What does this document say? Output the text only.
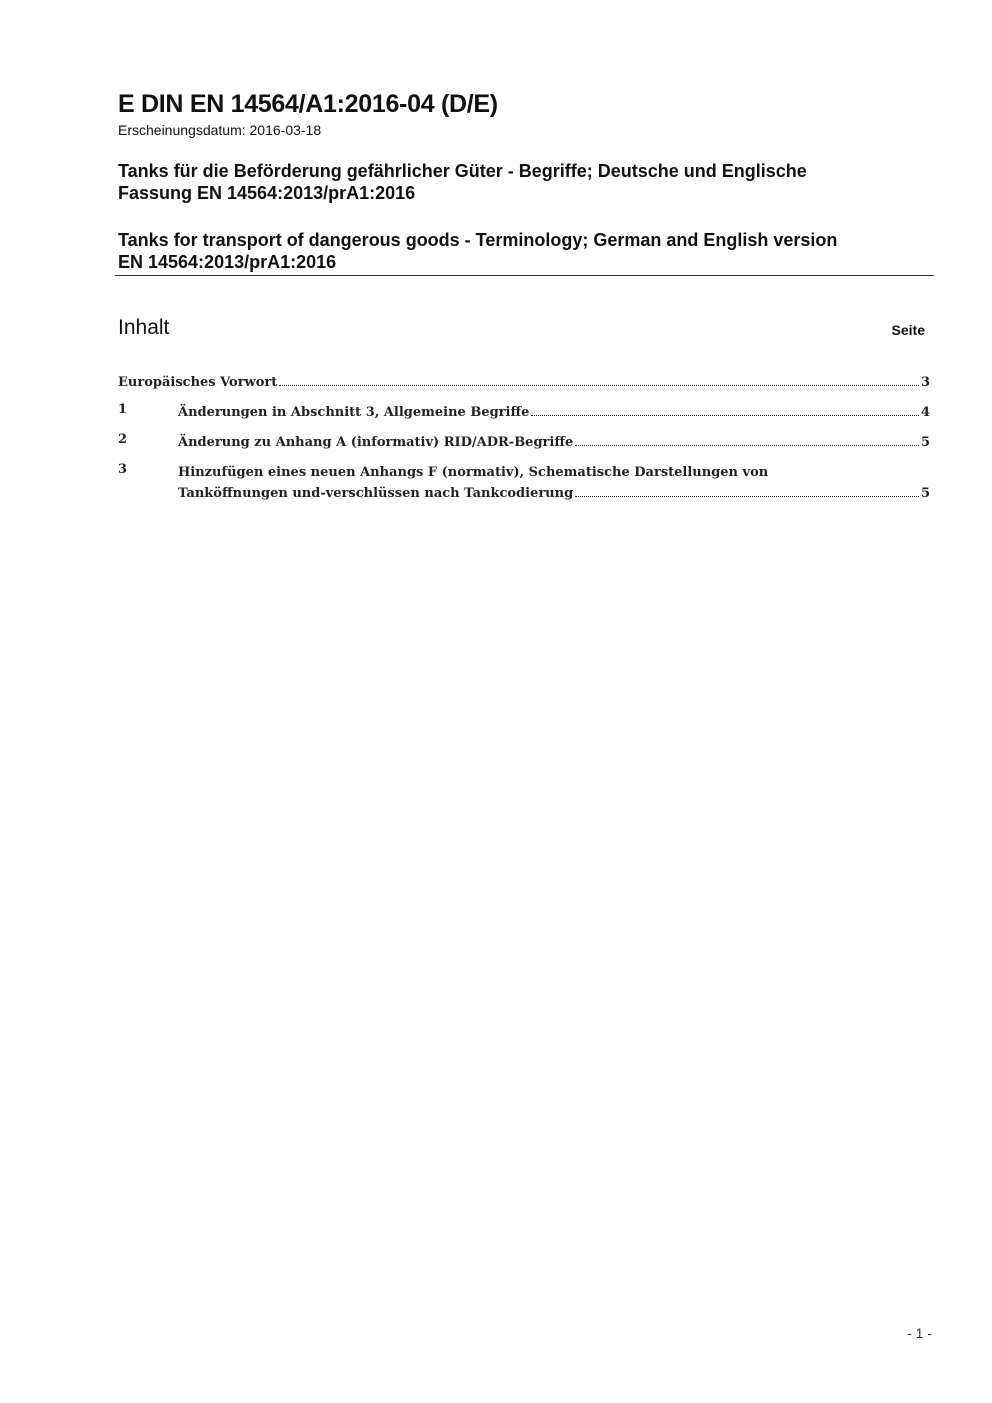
E DIN EN 14564/A1:2016-04 (D/E)
Erscheinungsdatum: 2016-03-18
Tanks für die Beförderung gefährlicher Güter - Begriffe; Deutsche und Englische
Fassung EN 14564:2013/prA1:2016
Tanks for transport of dangerous goods - Terminology; German and English version
EN 14564:2013/prA1:2016
Inhalt	Seite
Europäisches Vorwort	3
1	Änderungen in Abschnitt 3, Allgemeine Begriffe	4
2	Änderung zu Anhang A (informativ) RID/ADR-Begriffe	5
3	Hinzufügen eines neuen Anhangs F (normativ), Schematische Darstellungen von
Tanköffnungen und-verschlüssen nach Tankcodierung	5
- 1 -
